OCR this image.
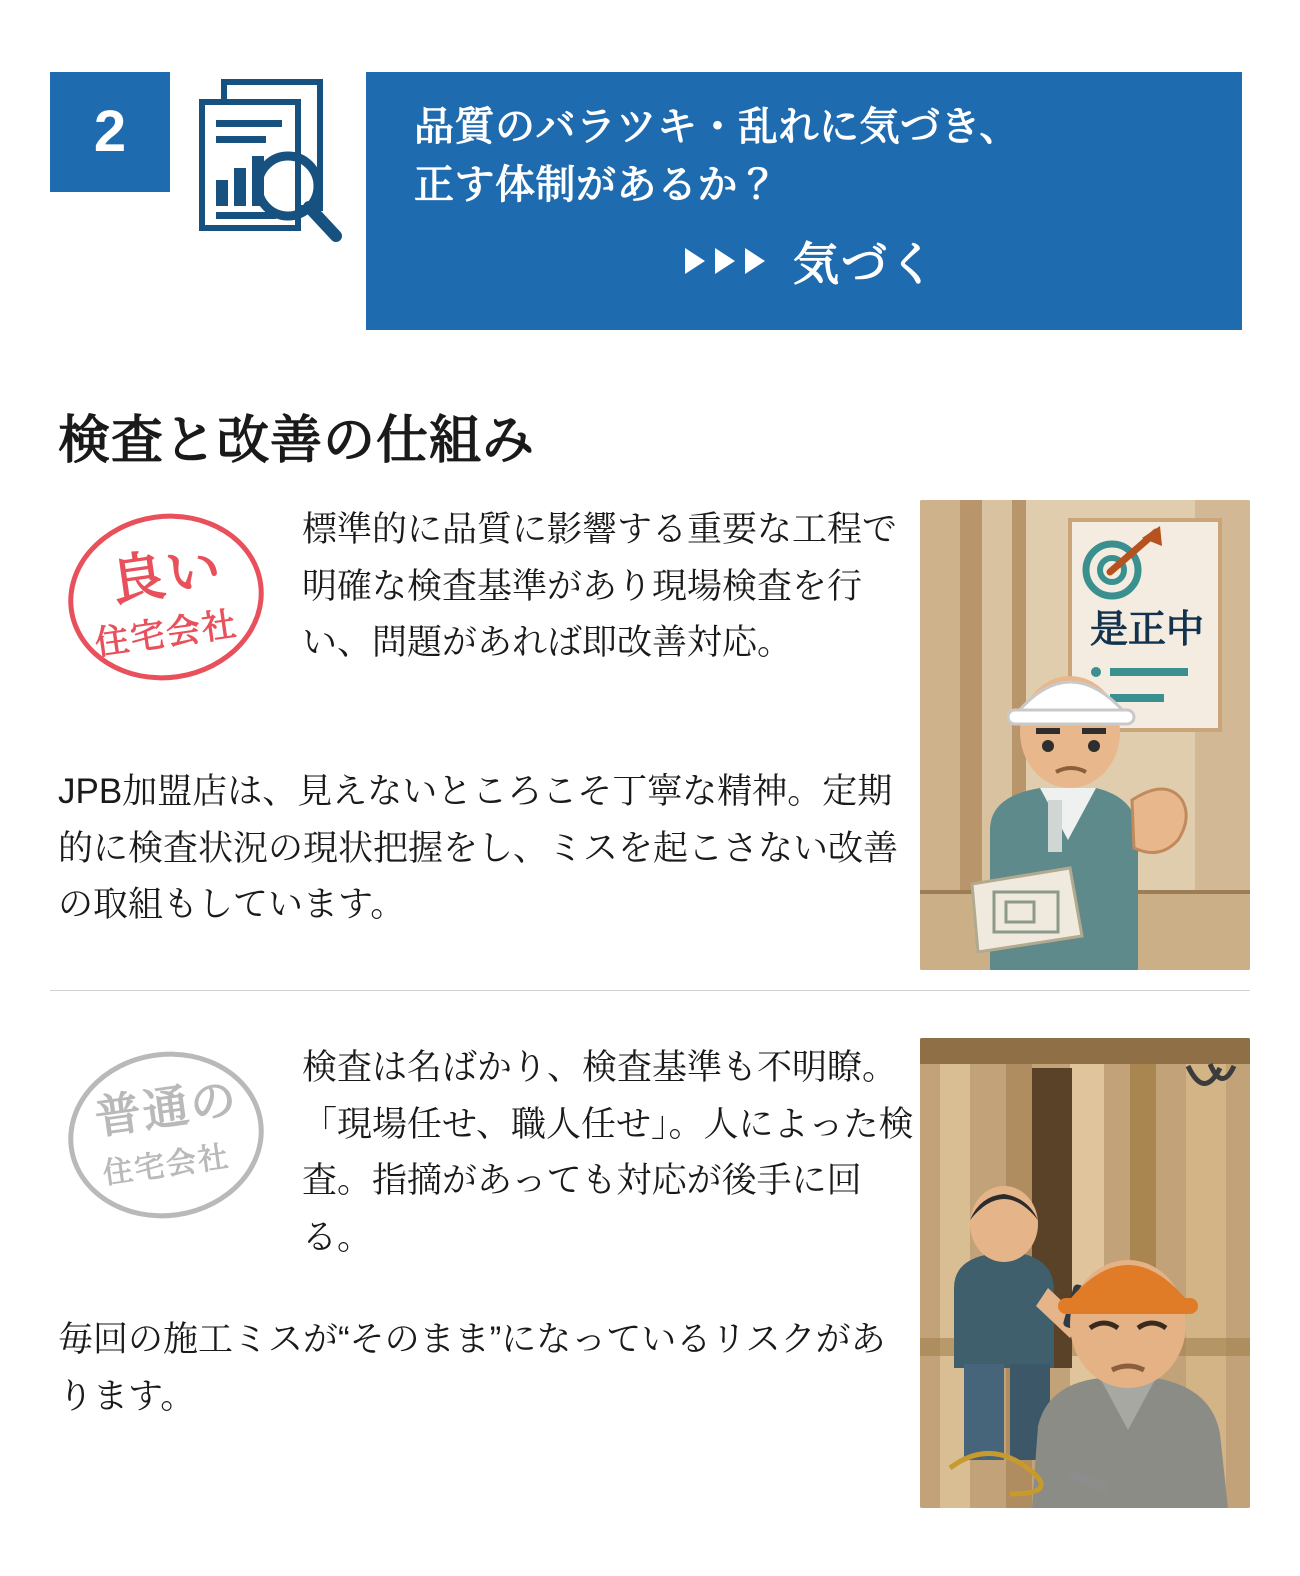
2	品質のバラツキ・乱れに気づき、
正す体制があるか？
気づく
検査と改善の仕組み
良い
住宅会社
標準的に品質に影響する重要な工程で明確な検査基準があり現場検査を行い、問題があれば即改善対応。
JPB加盟店は、見えないところこそ丁寧な精神。定期的に検査状況の現状把握をし、ミスを起こさない改善の取組もしています。
是正中
普通の
住宅会社
検査は名ばかり、検査基準も不明瞭。「現場任せ、職人任せ」。人によった検査。指摘があっても対応が後手に回る。
毎回の施工ミスが“そのまま”になっているリスクがあります。
